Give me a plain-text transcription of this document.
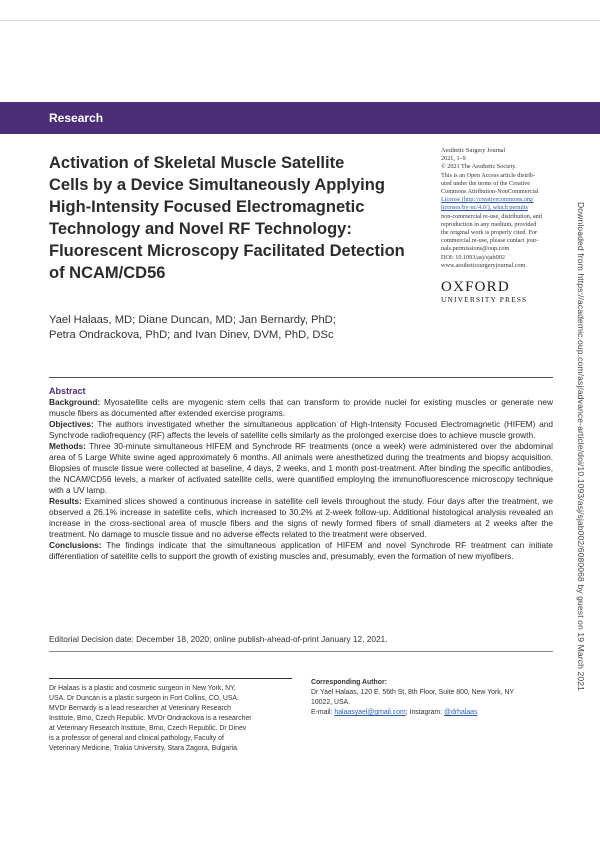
Research
Activation of Skeletal Muscle Satellite
Cells by a Device Simultaneously Applying
High-Intensity Focused Electromagnetic
Technology and Novel RF Technology:
Fluorescent Microscopy Facilitated Detection
of NCAM/CD56
Aesthetic Surgery Journal
2021, 1–9
© 2021 The Aesthetic Society.
This is an Open Access article distrib-
uted under the terms of the Creative
Commons Attribution-NonCommercial
License (http://creativecommons.org/
licenses/by-nc/4.0/), which permits
non-commercial re-use, distribution, and
reproduction in any medium, provided
the original work is properly cited. For
commercial re-use, please contact jour-
nals.permissions@oup.com
DOI: 10.1093/asj/sjab002
www.aestheticsurgeryjournal.com
OXFORD
UNIVERSITY PRESS
Yael Halaas, MD; Diane Duncan, MD; Jan Bernardy, PhD;
Petra Ondrackova, PhD; and Ivan Dinev, DVM, PhD, DSc
Abstract

Background: Myosatellite cells are myogenic stem cells that can transform to provide nuclei for existing muscles or generate new muscle fibers as documented after extended exercise programs.

Objectives: The authors investigated whether the simultaneous application of High-Intensity Focused Electromagnetic (HIFEM) and Synchrode radiofrequency (RF) affects the levels of satellite cells similarly as the prolonged exercise does to achieve muscle growth.

Methods: Three 30-minute simultaneous HIFEM and Synchrode RF treatments (once a week) were administered over the abdominal area of 5 Large White swine aged approximately 6 months. All animals were anesthetized during the treatments and biopsy acquisition. Biopsies of muscle tissue were collected at baseline, 4 days, 2 weeks, and 1 month post-treatment. After binding the specific antibodies, the NCAM/CD56 levels, a marker of activated satellite cells, were quantified employing the immunofluorescence microscopy technique with a UV lamp.

Results: Examined slices showed a continuous increase in satellite cell levels throughout the study. Four days after the treatment, we observed a 26.1% increase in satellite cells, which increased to 30.2% at 2-week follow-up. Additional histological analysis revealed an increase in the cross-sectional area of muscle fibers and the signs of newly formed fibers of small diameters at 2 weeks after the treatment. No damage to muscle tissue and no adverse effects related to the treatment were observed.

Conclusions: The findings indicate that the simultaneous application of HIFEM and novel Synchrode RF treatment can initiate differentiation of satellite cells to support the growth of existing muscles and, presumably, even the formation of new myofibers.

Editorial Decision date: December 18, 2020; online publish-ahead-of-print January 12, 2021.
Dr Halaas is a plastic and cosmetic surgeon in New York, NY,
USA. Dr Duncan is a plastic surgeon in Fort Collins, CO, USA.
MVDr Bernardy is a lead researcher at Veterinary Research
Institute, Brno, Czech Republic. MVDr Ondrackova is a researcher
at Veterinary Research Institute, Brno, Czech Republic. Dr Dinev
is a professor of general and clinical pathology, Faculty of
Veterinary Medicine, Trakia University, Stara Zagora, Bulgaria.
Corresponding Author:
Dr Yael Halaas, 120 E. 56th St, 8th Floor, Suite 800, New York, NY
10022, USA.
E-mail: halaasyael@gmail.com; Instagram: @drhalaas
Downloaded from https://academic.oup.com/asj/advance-article/doi/10.1093/asj/sjab002/6080068 by guest on 19 March 2021
